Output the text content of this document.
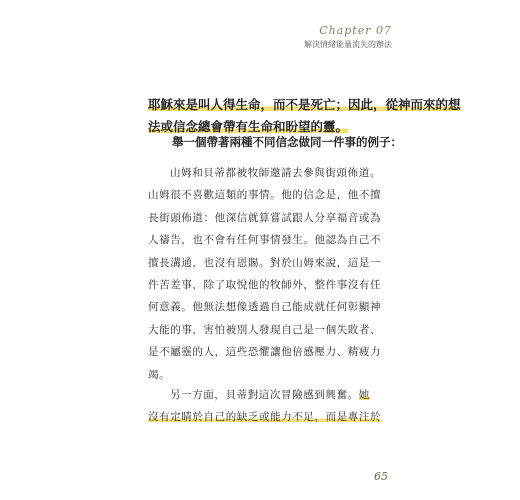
Chapter 07
解決情緒能量流失的辦法
耶穌來是叫人得生命，而不是死亡；因此，從神而來的想
法或信念總會帶有生命和盼望的靈。
舉一個帶著兩種不同信念做同一件事的例子：
山姆和貝蒂都被牧師邀請去參與街頭佈道。
山姆很不喜歡這類的事情。他的信念是，他不擅
長街頭佈道：他深信就算嘗試跟人分享福音或為
人禱告，也不會有任何事情發生。他認為自己不
擅長溝通，也沒有恩賜。對於山姆來說，這是一
件苦差事，除了取悅他的牧師外，整件事沒有任
何意義。他無法想像透過自己能成就任何彰顯神
大能的事，害怕被別人發現自己是一個失敗者、
是不屬靈的人，這些恐懼讓他倍感壓力、精疲力
竭。
另一方面，貝蒂對這次冒險感到興奮。她
沒有定睛於自己的缺乏或能力不足，而是專注於
65
